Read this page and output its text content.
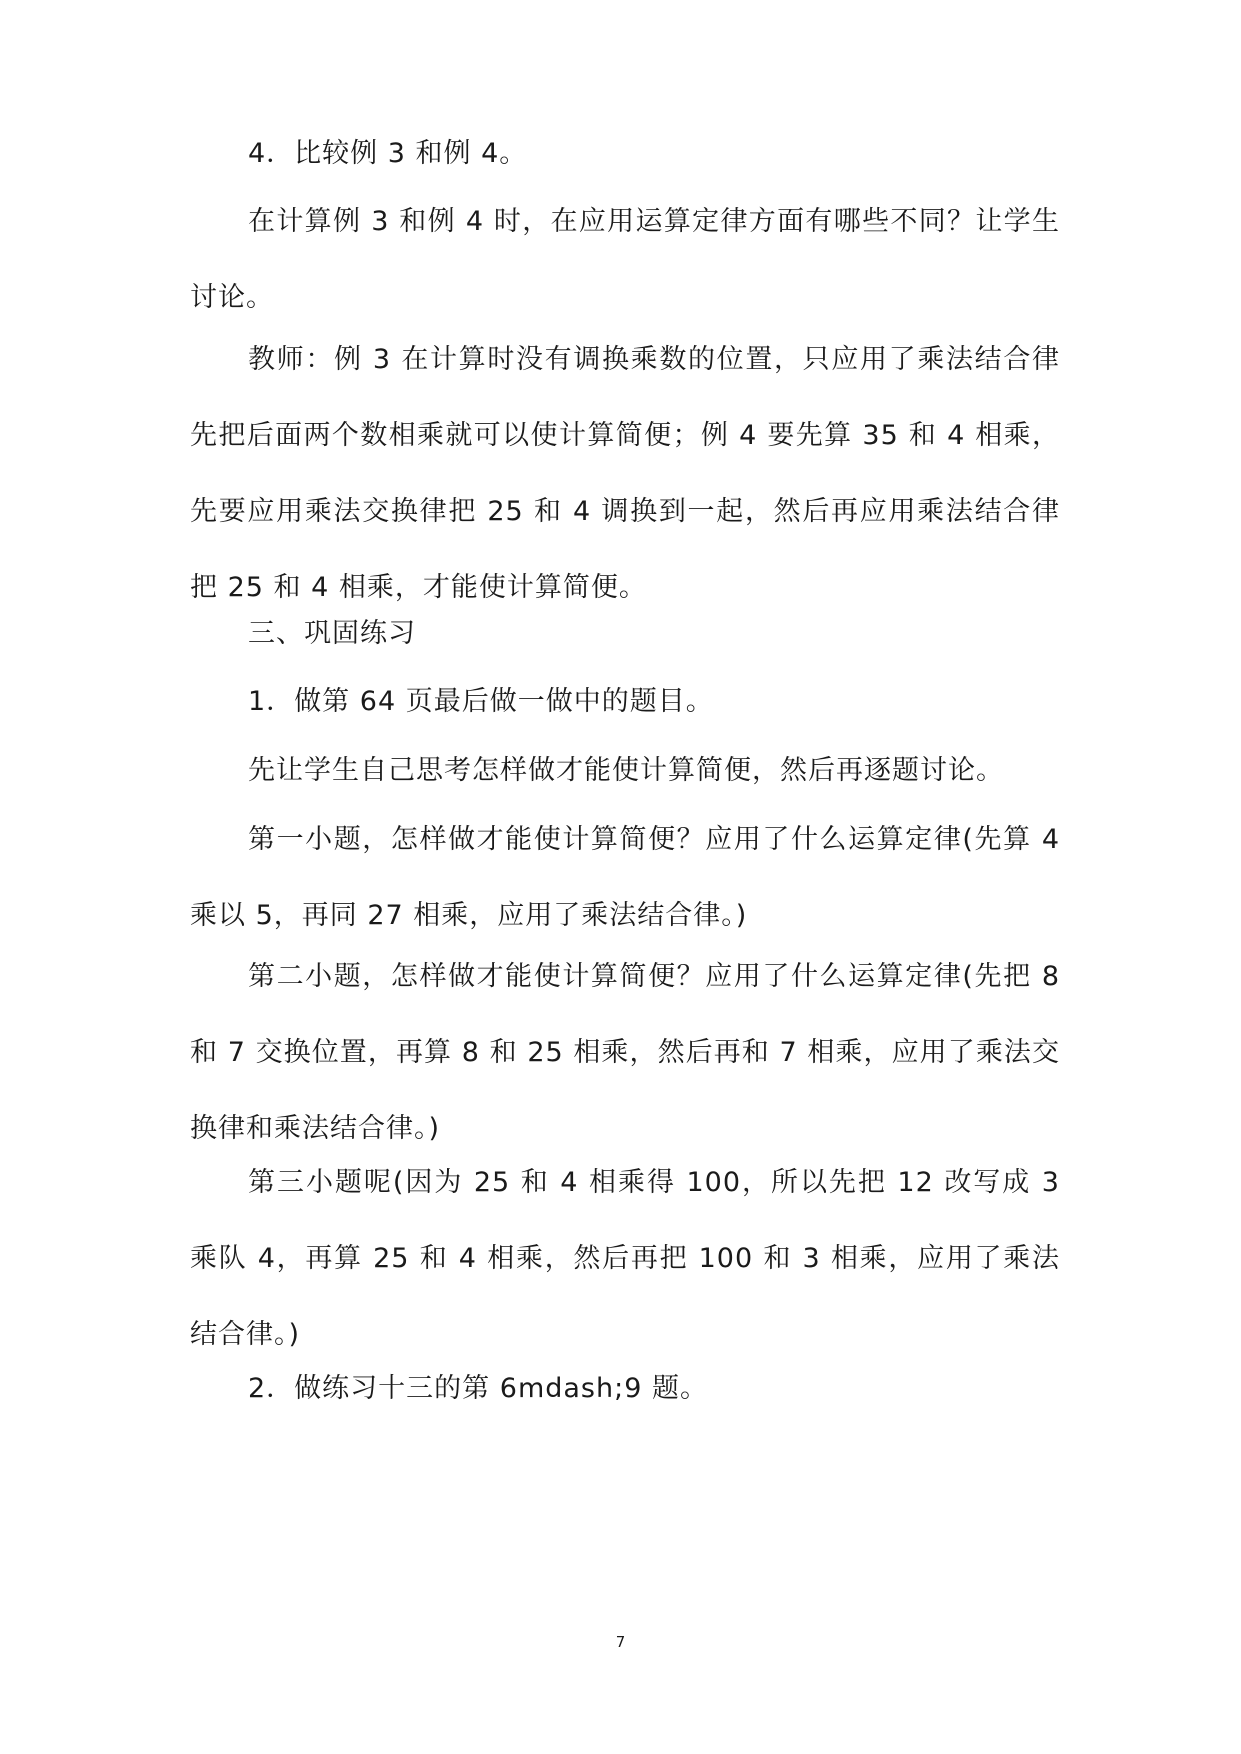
4．比较例 3 和例 4。

在计算例 3 和例 4 时，在应用运算定律方面有哪些不同？让学生讨论。

教师：例 3 在计算时没有调换乘数的位置，只应用了乘法结合律先把后面两个数相乘就可以使计算简便；例 4 要先算 35 和 4 相乘，先要应用乘法交换律把 25 和 4 调换到一起，然后再应用乘法结合律把 25 和 4 相乘，才能使计算简便。

三、巩固练习

1．做第 64 页最后做一做中的题目。

先让学生自己思考怎样做才能使计算简便，然后再逐题讨论。

第一小题，怎样做才能使计算简便？应用了什么运算定律(先算 4 乘以 5，再同 27 相乘，应用了乘法结合律。)

第二小题，怎样做才能使计算简便？应用了什么运算定律(先把 8 和 7 交换位置，再算 8 和 25 相乘，然后再和 7 相乘，应用了乘法交换律和乘法结合律。)

第三小题呢(因为 25 和 4 相乘得 100，所以先把 12 改写成 3 乘队 4，再算 25 和 4 相乘，然后再把 100 和 3 相乘，应用了乘法结合律。)

2．做练习十三的第 6mdash;9 题。

7
